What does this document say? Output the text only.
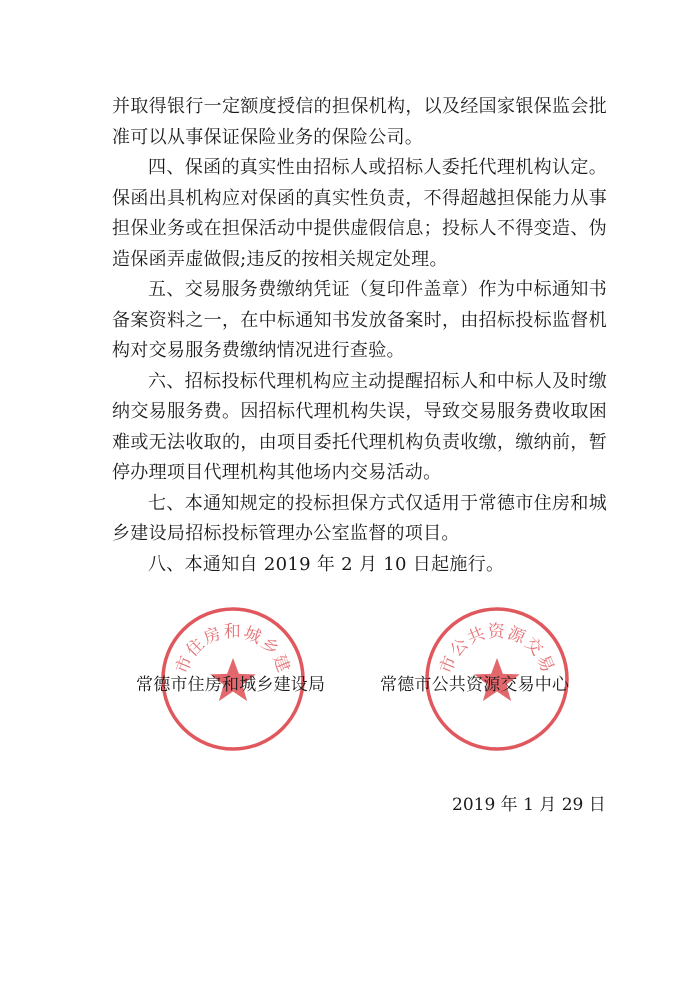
并取得银行一定额度授信的担保机构，以及经国家银保监会批准可以从事保证保险业务的保险公司。

四、保函的真实性由招标人或招标人委托代理机构认定。保函出具机构应对保函的真实性负责，不得超越担保能力从事担保业务或在担保活动中提供虚假信息；投标人不得变造、伪造保函弄虚做假;违反的按相关规定处理。

五、交易服务费缴纳凭证（复印件盖章）作为中标通知书备案资料之一，在中标通知书发放备案时，由招标投标监督机构对交易服务费缴纳情况进行查验。

六、招标投标代理机构应主动提醒招标人和中标人及时缴纳交易服务费。因招标代理机构失误，导致交易服务费收取困难或无法收取的，由项目委托代理机构负责收缴，缴纳前，暂停办理项目代理机构其他场内交易活动。

七、本通知规定的投标担保方式仅适用于常德市住房和城乡建设局招标投标管理办公室监督的项目。

八、本通知自 2019 年 2 月 10 日起施行。

市住房和城乡建	市公共资源交易
常德市住房和城乡建设局	常德市公共资源交易中心
2019 年 1 月 29 日
